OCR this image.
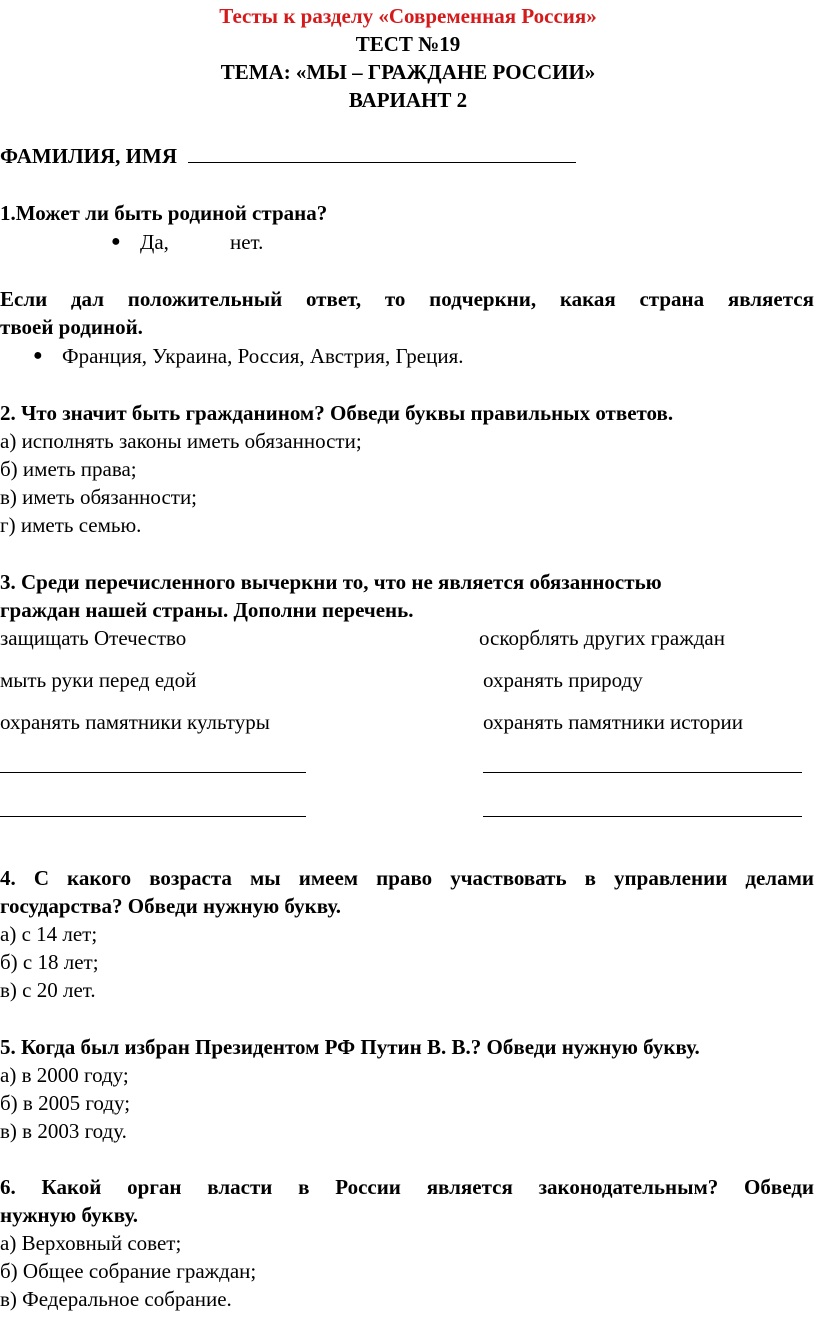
Тесты к разделу «Современная Россия»
ТЕСТ №19
ТЕМА: «МЫ – ГРАЖДАНЕ РОССИИ»
ВАРИАНТ 2
ФАМИЛИЯ, ИМЯ
1.Может ли быть родиной страна?
● Да,	нет.
Если дал положительный ответ, то подчеркни, какая страна является
твоей родиной.
● Франция, Украина, Россия, Австрия, Греция.
2. Что значит быть гражданином? Обведи буквы правильных ответов.
а) исполнять законы иметь обязанности;
б) иметь права;
в) иметь обязанности;
г) иметь семью.
3. Среди перечисленного вычеркни то, что не является обязанностью
граждан нашей страны. Дополни перечень.
защищать Отечество	оскорблять других граждан
мыть руки перед едой	охранять природу
охранять памятники культуры	охранять памятники истории
4. С какого возраста мы имеем право участвовать в управлении делами
государства? Обведи нужную букву.
а) с 14 лет;
б) с 18 лет;
в) с 20 лет.
5. Когда был избран Президентом РФ Путин В. В.? Обведи нужную букву.
а) в 2000 году;
б) в 2005 году;
в) в 2003 году.
6. Какой орган власти в России является законодательным? Обведи
нужную букву.
а) Верховный совет;
б) Общее собрание граждан;
в) Федеральное собрание.
